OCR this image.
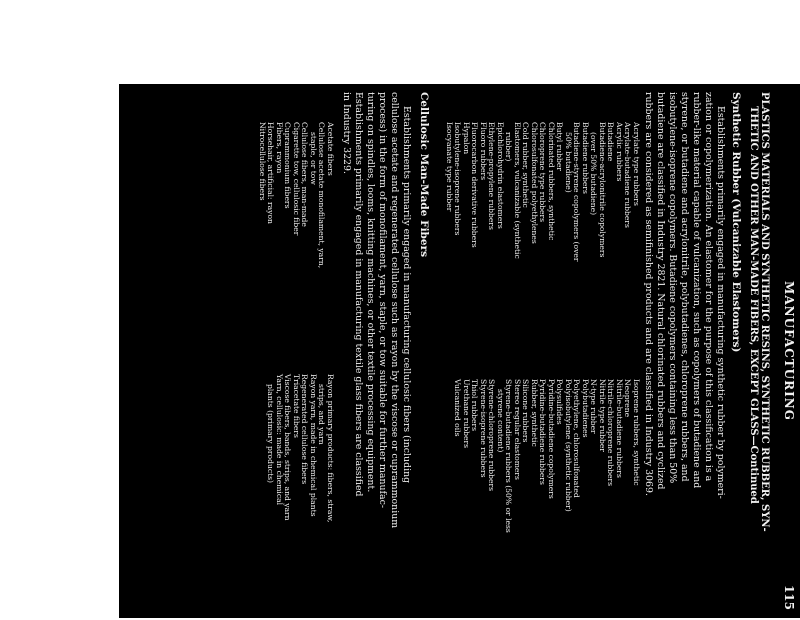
MANUFACTURING
115
PLASTICS MATERIALS AND SYNTHETIC RESINS, SYNTHETIC RUBBER, SYN-
THETIC AND OTHER MAN-MADE FIBERS, EXCEPT GLASS—Continued
Synthetic Rubber (Vulcanizable Elastomers)
Establishments primarily engaged in manufacturing synthetic rubber by polymeri-
zation or copolymerization. An elastomer for the purpose of this classification is a
rubber-like material capable of vulcanization, such as copolymers of butadiene and
styrene, or butadiene and acrylonitrile, polybutadienes, chloroprene rubbers, and
isobutylene-isoprene copolymers. Butadiene copolymers containing less than 50%
butadiene are classified in Industry 2821. Natural chlorinated rubbers and cyclized
rubbers are considered as semifinished products and are classified in Industry 3069.
Acrylate type rubbers
Acrylate-butadiene rubbers
Acrylic rubbers
Butadiene
Butadiene-acrylonitrile copolymers
(over 50% butadiene)
Butadiene rubbers
Butadiene-styrene copolymers (over
50% butadiene)
Butyl rubber
Chlorinated rubbers, synthetic
Chloroprene type rubbers
Chlorosulfonated polyethylenes
Cold rubber, synthetic
Elastomers, vulcanizable (synthetic
rubber)
Epichlorohydrin elastomers
Ethylene-propylene rubbers
Fluoro rubbers
Fluorocarbon derivative rubbers
Hypalon
Isobutylene-isoprene rubbers
Isocyanate type rubber
Isoprene rubbers, synthetic
Neoprene
Nitrile-butadiene rubbers
Nitrile-chloroprene rubbers
Nitrile type rubber
N-type rubber
Polybutadienes
Polyethylene, chlorosulfonated
Polyisobutylene (synthetic rubber)
Polysulfides
Pyridine-butadiene copolymers
Pyridine-butadiene rubbers
Rubber, synthetic
Silicone rubbers
Stereo regular elastomers
Styrene-butadiene rubbers (50% or less
styrene content)
Styrene-chloroprene rubbers
Styrene-isoprene rubbers
Thiol rubbers
Urethane rubbers
Vulcanized oils
Cellulosic Man-Made Fibers
Establishments primarily engaged in manufacturing cellulosic fibers (including
cellulose acetate and regenerated cellulose such as rayon by the viscose or cuprammonium
process) in the form of monofilament, yarn, staple, or tow suitable for further manufac-
turing on spindles, looms, knitting machines, or other textile processing equipment.
Establishments primarily engaged in manufacturing textile glass fibers are classified
in Industry 3229.
Acetate fibers
Cellulose acetate monofilament, yarn,
staple, or tow
Cellulose fibers, man-made
Cigarette tow, cellulosic fiber
Cuprammonium fibers
Fibers, rayon
Horsehair, artificial: rayon
Nitrocellulose fibers
Rayon primary products: fibers, straw,
strips, and yarn
Rayon yarn, made in chemical plants
Regenerated cellulose fibers
Triacetate fibers
Viscose fibers, bands, strips, and yarn
Yarn, cellulosic: made in chemical
plants (primary products)
